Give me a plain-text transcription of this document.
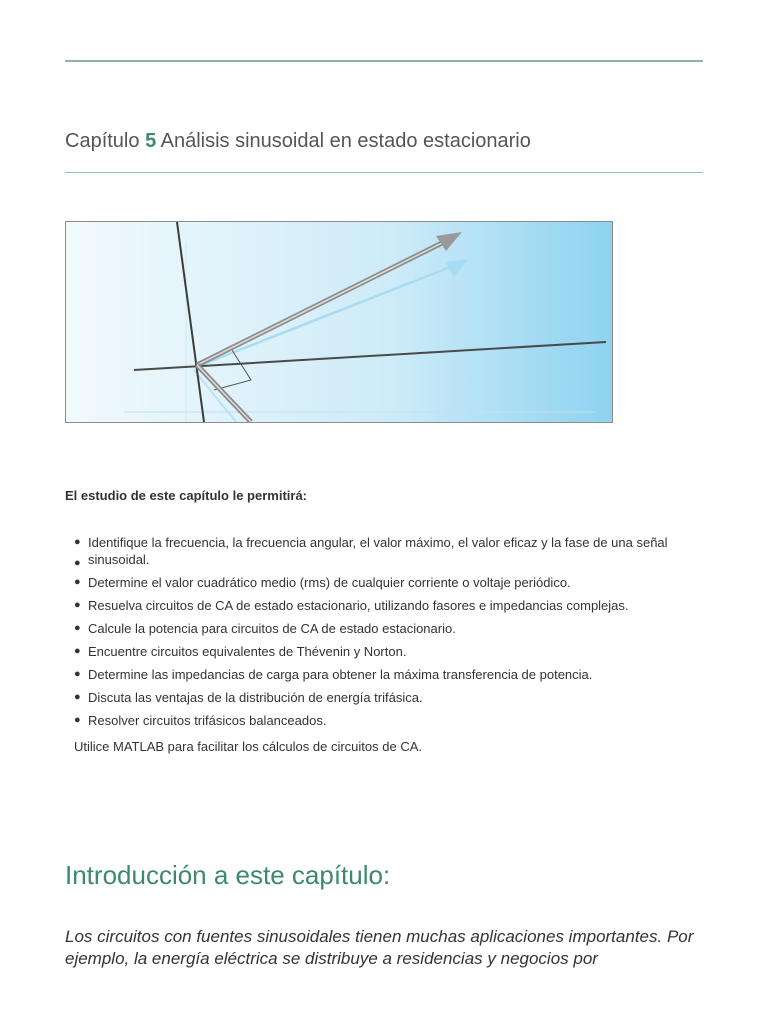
Capítulo 5 Análisis sinusoidal en estado estacionario

El estudio de este capítulo le permitirá:

●
●
Identifique la frecuencia, la frecuencia angular, el valor máximo, el valor eficaz y la fase de una señal sinusoidal.
● Determine el valor cuadrático medio (rms) de cualquier corriente o voltaje periódico.
● Resuelva circuitos de CA de estado estacionario, utilizando fasores e impedancias complejas.
● Calcule la potencia para circuitos de CA de estado estacionario.
● Encuentre circuitos equivalentes de Thévenin y Norton.
● Determine las impedancias de carga para obtener la máxima transferencia de potencia.
● Discuta las ventajas de la distribución de energía trifásica.
● Resolver circuitos trifásicos balanceados.

Utilice MATLAB para facilitar los cálculos de circuitos de CA.

Introducción a este capítulo:

Los circuitos con fuentes sinusoidales tienen muchas aplicaciones importantes. Por ejemplo, la energía eléctrica se distribuye a residencias y negocios por
